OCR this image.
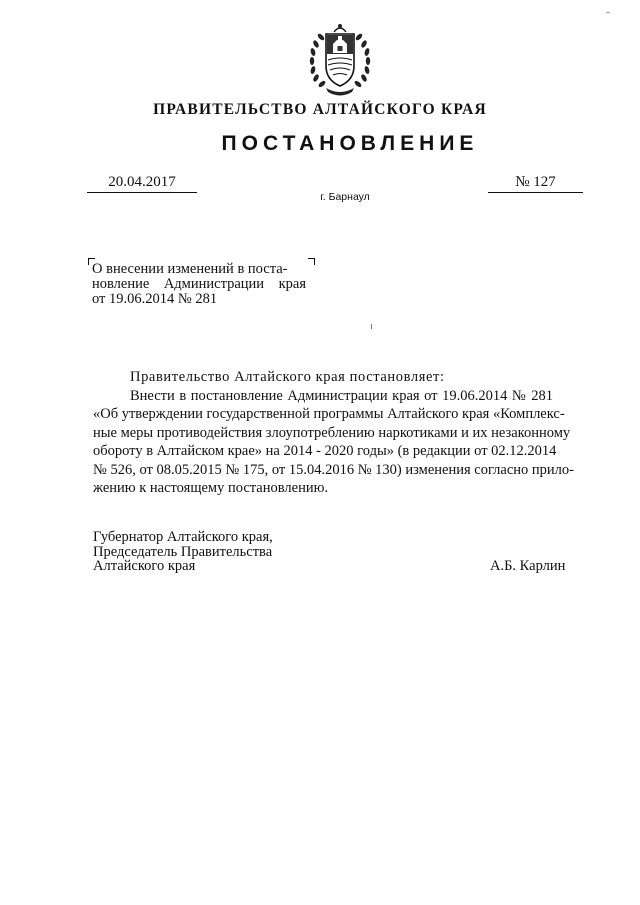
ПРАВИТЕЛЬСТВО АЛТАЙСКОГО КРАЯ
ПОСТАНОВЛЕНИЕ
20.04.2017	№ 127
г. Барнаул
О внесении изменений в поста-
новление Администрации края
от 19.06.2014 № 281
Правительство Алтайского края постановляет:
Внести в постановление Администрации края от 19.06.2014 № 281
«Об утверждении государственной программы Алтайского края «Комплекс-
ные меры противодействия злоупотреблению наркотиками и их незаконному
обороту в Алтайском крае» на 2014 - 2020 годы» (в редакции от 02.12.2014
№ 526, от 08.05.2015 № 175, от 15.04.2016 № 130) изменения согласно прило-
жению к настоящему постановлению.
Губернатор Алтайского края,
Председатель Правительства
Алтайского края	А.Б. Карлин
